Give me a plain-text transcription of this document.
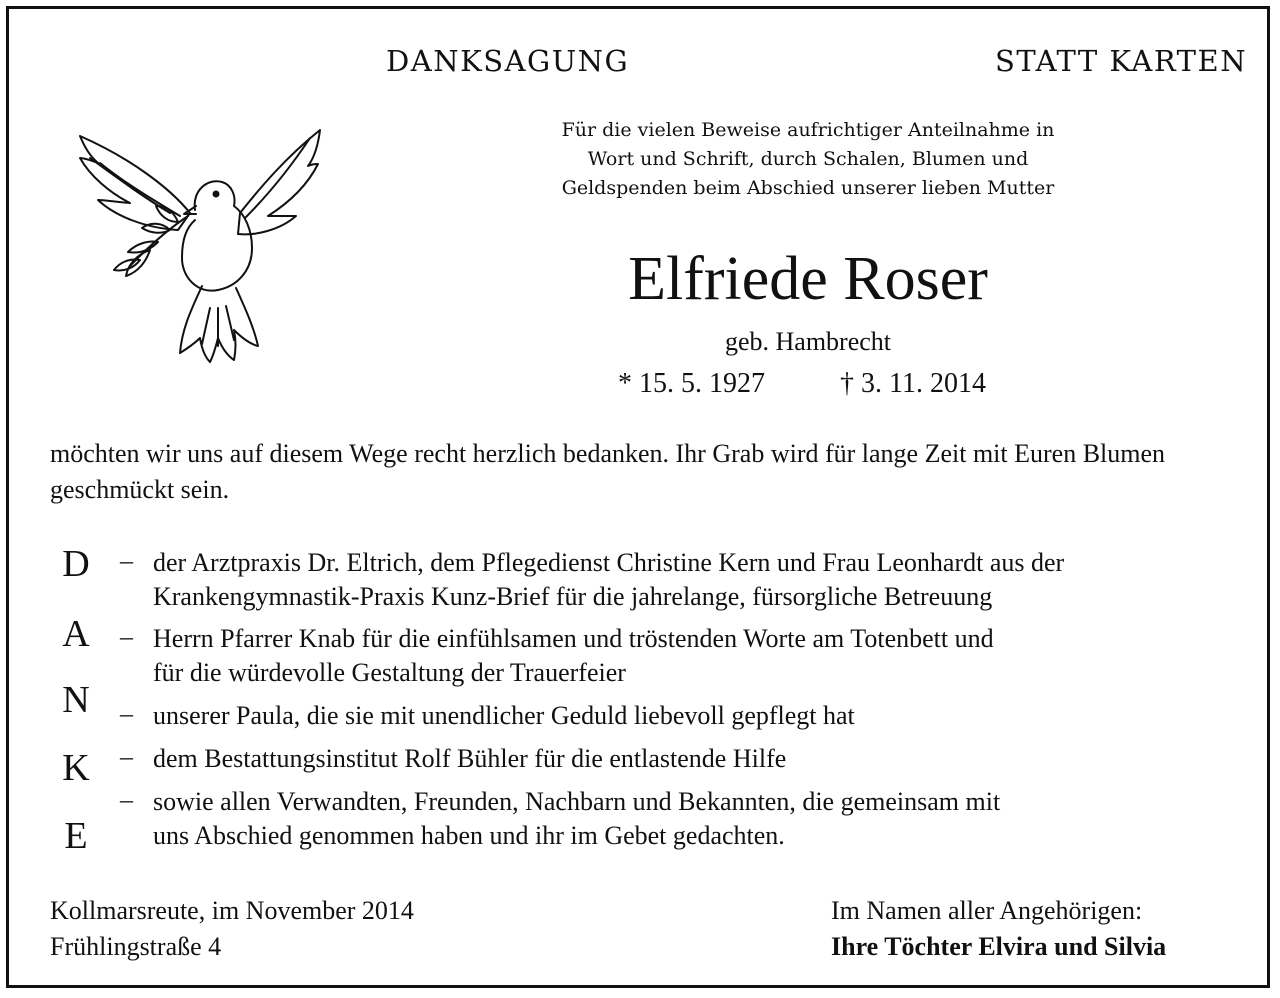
DANKSAGUNG	STATT KARTEN
Für die vielen Beweise aufrichtiger Anteilnahme in
Wort und Schrift, durch Schalen, Blumen und
Geldspenden beim Abschied unserer lieben Mutter
Elfriede Roser
geb. Hambrecht
* 15. 5. 1927	† 3. 11. 2014
möchten wir uns auf diesem Wege recht herzlich bedanken. Ihr Grab wird für lange Zeit mit Euren Blumen geschmückt sein.
D
A
N
K
E
– der Arztpraxis Dr. Eltrich, dem Pflegedienst Christine Kern und Frau Leonhardt aus der
Krankengymnastik-Praxis Kunz-Brief für die jahrelange, fürsorgliche Betreuung
– Herrn Pfarrer Knab für die einfühlsamen und tröstenden Worte am Totenbett und
für die würdevolle Gestaltung der Trauerfeier
– unserer Paula, die sie mit unendlicher Geduld liebevoll gepflegt hat
– dem Bestattungsinstitut Rolf Bühler für die entlastende Hilfe
– sowie allen Verwandten, Freunden, Nachbarn und Bekannten, die gemeinsam mit
uns Abschied genommen haben und ihr im Gebet gedachten.
Kollmarsreute, im November 2014
Frühlingstraße 4
Im Namen aller Angehörigen:
Ihre Töchter Elvira und Silvia
